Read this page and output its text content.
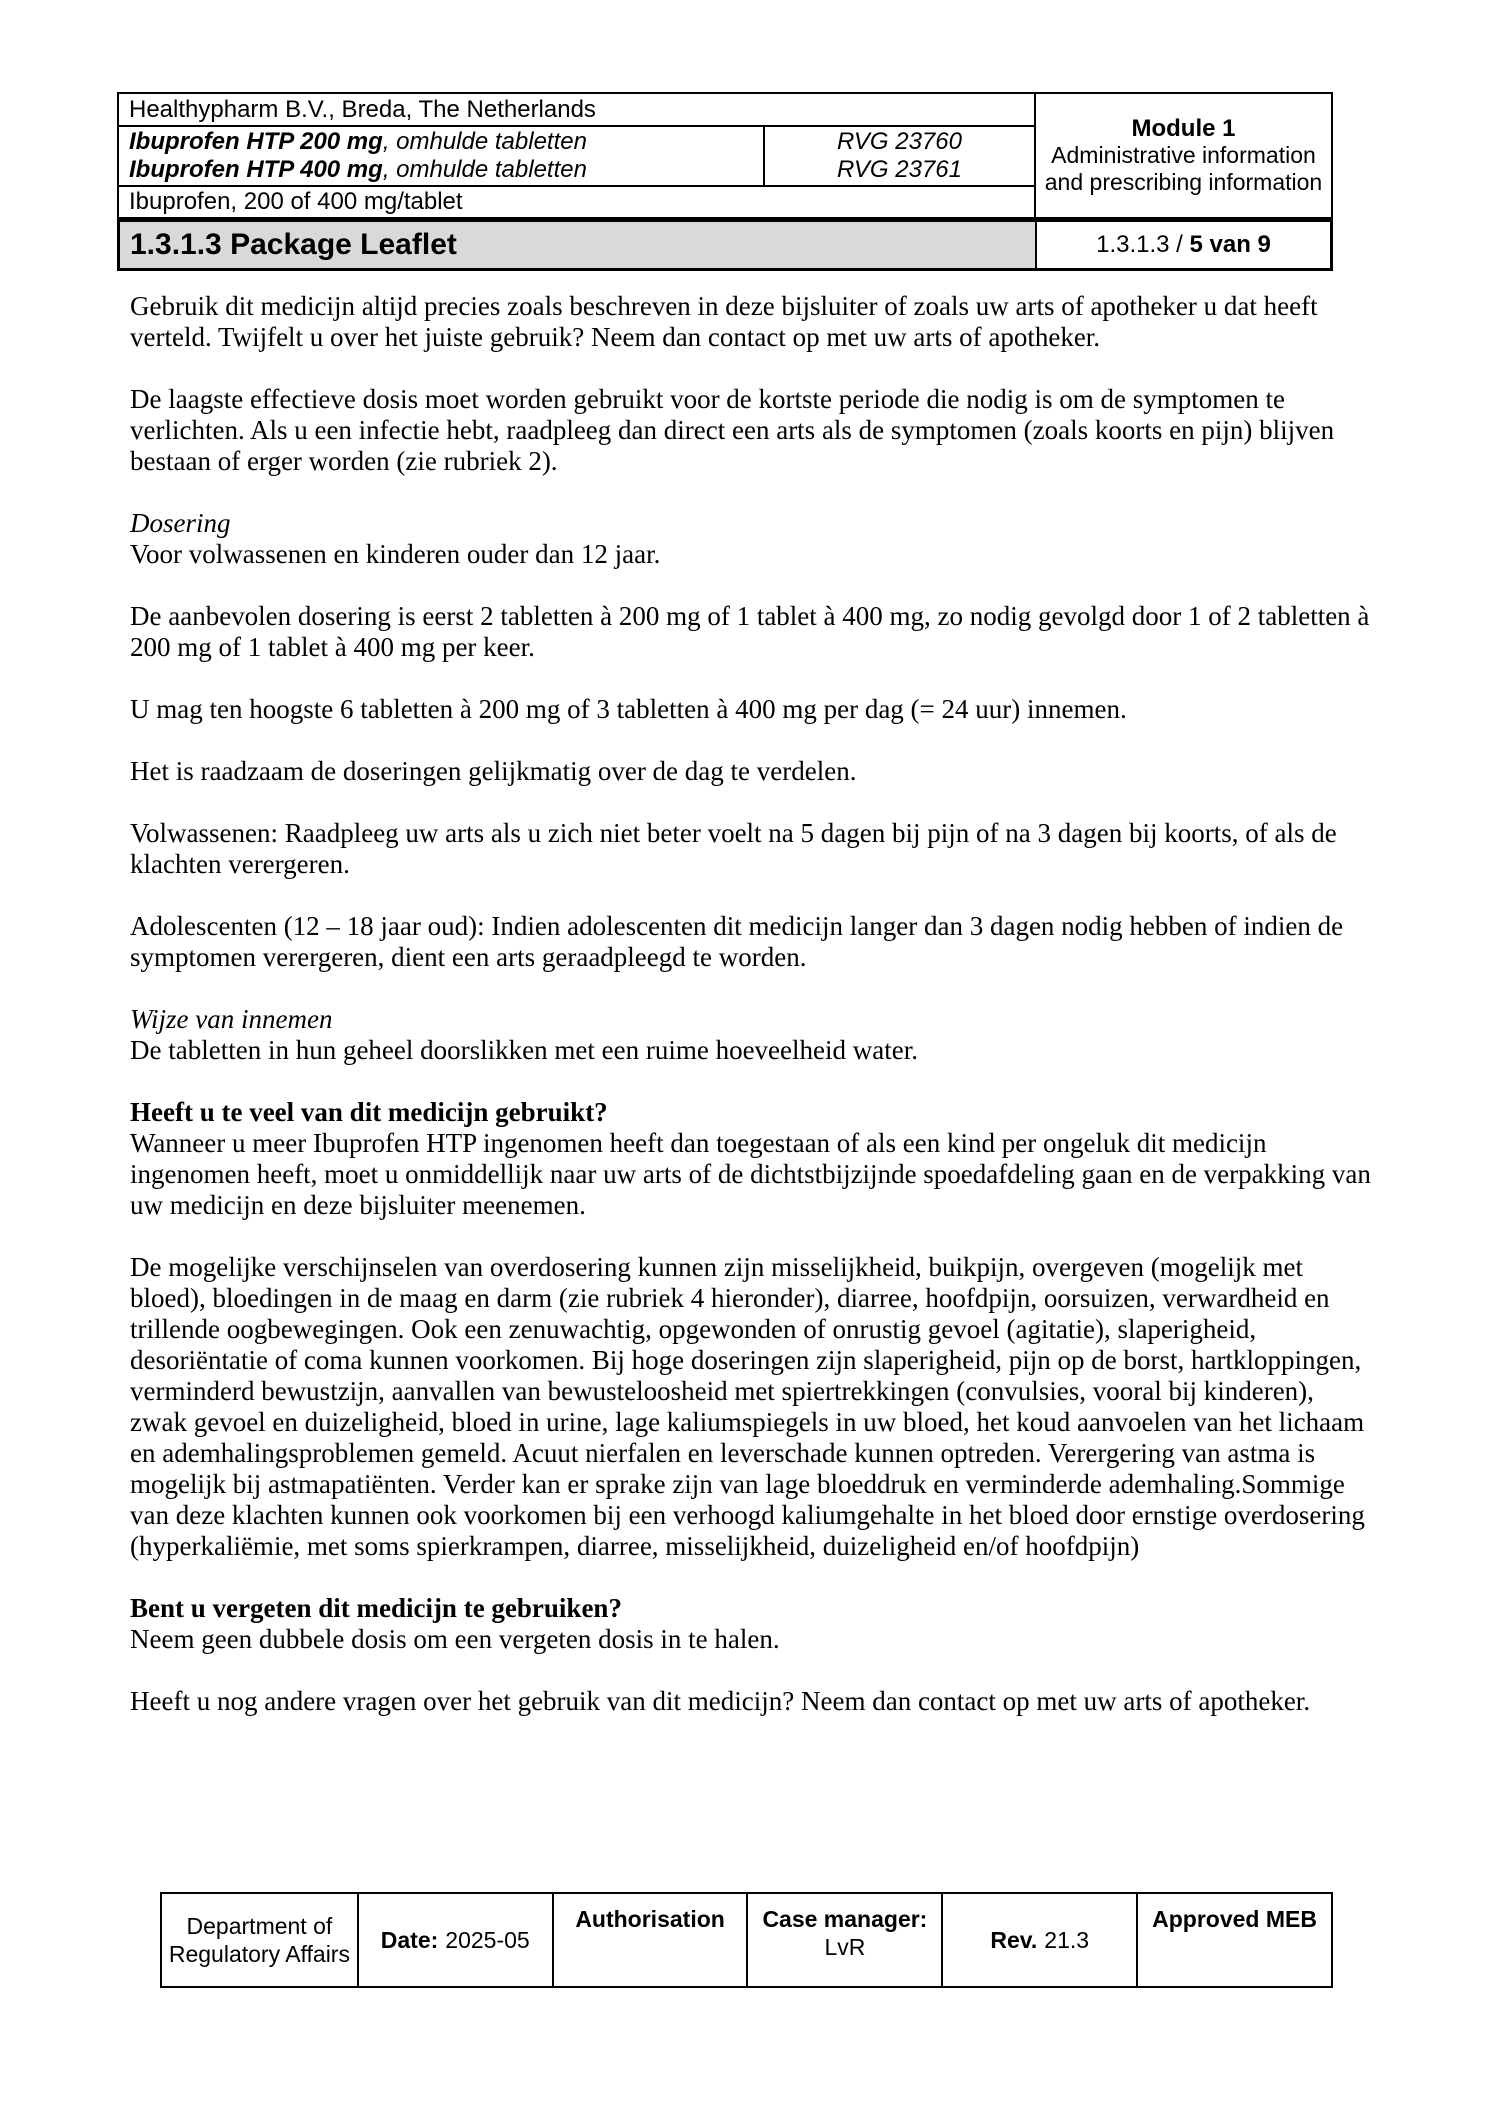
Healthypharm B.V., Breda, The Netherlands
Ibuprofen HTP 200 mg, omhulde tabletten
Ibuprofen HTP 400 mg, omhulde tabletten
RVG 23760
RVG 23761
Ibuprofen, 200 of 400 mg/tablet
Module 1
Administrative information
and prescribing information
1.3.1.3 Package Leaflet	1.3.1.3 / 5 van 9

Gebruik dit medicijn altijd precies zoals beschreven in deze bijsluiter of zoals uw arts of apotheker u dat heeft verteld. Twijfelt u over het juiste gebruik? Neem dan contact op met uw arts of apotheker.

De laagste effectieve dosis moet worden gebruikt voor de kortste periode die nodig is om de symptomen te verlichten. Als u een infectie hebt, raadpleeg dan direct een arts als de symptomen (zoals koorts en pijn) blijven bestaan of erger worden (zie rubriek 2).

Dosering

Voor volwassenen en kinderen ouder dan 12 jaar.

De aanbevolen dosering is eerst 2 tabletten à 200 mg of 1 tablet à 400 mg, zo nodig gevolgd door 1 of 2 tabletten à 200 mg of 1 tablet à 400 mg per keer.

U mag ten hoogste 6 tabletten à 200 mg of 3 tabletten à 400 mg per dag (= 24 uur) innemen.

Het is raadzaam de doseringen gelijkmatig over de dag te verdelen.

Volwassenen: Raadpleeg uw arts als u zich niet beter voelt na 5 dagen bij pijn of na 3 dagen bij koorts, of als de klachten verergeren.

Adolescenten (12 – 18 jaar oud): Indien adolescenten dit medicijn langer dan 3 dagen nodig hebben of indien de symptomen verergeren, dient een arts geraadpleegd te worden.

Wijze van innemen

De tabletten in hun geheel doorslikken met een ruime hoeveelheid water.

Heeft u te veel van dit medicijn gebruikt?

Wanneer u meer Ibuprofen HTP ingenomen heeft dan toegestaan of als een kind per ongeluk dit medicijn ingenomen heeft, moet u onmiddellijk naar uw arts of de dichtstbijzijnde spoedafdeling gaan en de verpakking van uw medicijn en deze bijsluiter meenemen.

De mogelijke verschijnselen van overdosering kunnen zijn misselijkheid, buikpijn, overgeven (mogelijk met bloed), bloedingen in de maag en darm (zie rubriek 4 hieronder), diarree, hoofdpijn, oorsuizen, verwardheid en trillende oogbewegingen. Ook een zenuwachtig, opgewonden of onrustig gevoel (agitatie), slaperigheid, desoriëntatie of coma kunnen voorkomen. Bij hoge doseringen zijn slaperigheid, pijn op de borst, hartkloppingen, verminderd bewustzijn, aanvallen van bewusteloosheid met spiertrekkingen (convulsies, vooral bij kinderen), zwak gevoel en duizeligheid, bloed in urine, lage kaliumspiegels in uw bloed, het koud aanvoelen van het lichaam en ademhalingsproblemen gemeld. Acuut nierfalen en leverschade kunnen optreden. Verergering van astma is mogelijk bij astmapatiënten. Verder kan er sprake zijn van lage bloeddruk en verminderde ademhaling.Sommige van deze klachten kunnen ook voorkomen bij een verhoogd kaliumgehalte in het bloed door ernstige overdosering (hyperkaliëmie, met soms spierkrampen, diarree, misselijkheid, duizeligheid en/of hoofdpijn)

Bent u vergeten dit medicijn te gebruiken?

Neem geen dubbele dosis om een vergeten dosis in te halen.

Heeft u nog andere vragen over het gebruik van dit medicijn? Neem dan contact op met uw arts of apotheker.

Department of
Regulatory Affairs
Date: 2025-05
Authorisation Case manager:
LvR	Rev. 21.3
Approved MEB
